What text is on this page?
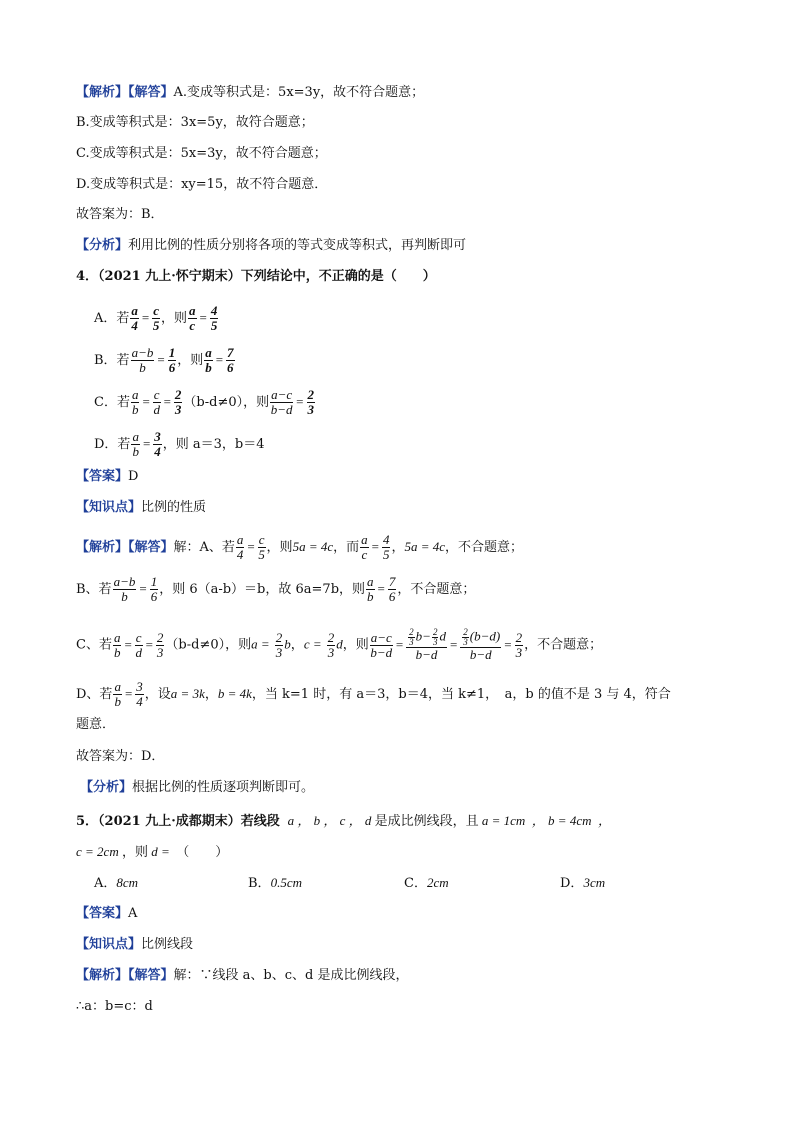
【解析】【解答】A.变成等积式是：5x=3y，故不符合题意；
B.变成等积式是：3x=5y，故符合题意；
C.变成等积式是：5x=3y，故不符合题意；
D.变成等积式是：xy=15，故不符合题意．
故答案为：B．
【分析】利用比例的性质分别将各项的等式变成等积式，再判断即可
4．（2021 九上·怀宁期末）下列结论中，不正确的是（　　）
A．若 $\frac{a}{4} = \frac{c}{5}$ ，则 $\frac{a}{c} = \frac{4}{5}$
B．若 $\frac{a-b}{b} = \frac{1}{6}$ ，则 $\frac{a}{b} = \frac{7}{6}$
C．若 $\frac{a}{b} = \frac{c}{d} = \frac{2}{3} (b-d\ne 0)$，则 $\frac{a-c}{b-d} = \frac{2}{3}$
D．若 $\frac{a}{b} = \frac{3}{4}$ ，则 a＝3，b＝4
【答案】D
【知识点】比例的性质
【解析】【解答】解：A、若 $\frac{a}{4} = \frac{c}{5}$ ，则5a = 4c，而 $\frac{a}{c} = \frac{4}{5}$ ，5a = 4c，不合题意；
B、若 $\frac{a-b}{b} = \frac{1}{6}$ ，则 6（a-b）＝b，故 6a=7b，则 $\frac{a}{b} = \frac{7}{6}$ ，不合题意；
C、若 $\frac{a}{b} = \frac{c}{d} = \frac{2}{3} (b-d\ne 0)$，则$a = \frac{2}{3}$ b，$c = \frac{2}{3}$ d，则 $\frac{a-c}{b-d} = \frac{\frac{2}{3} b- \frac{2}{3} d}{b-d} = \frac{\frac{2}{3} (b-d)}{b-d} = \frac{2}{3}$ ，不合题意；
D、若 $\frac{a}{b} = \frac{3}{4}$ ，设a = 3k，b = 4k，当 k=1 时，有 a＝3，b＝4，当 k≠1，　a，b 的值不是 3 与 4，符合
题意．
故答案为：D．
【分析】根据比例的性质逐项判断即可。
5．（2021 九上·成都期末）若线段  a ， b ， c ， d 是成比例线段，且 a = 1cm  ， b = 4cm  ，
c = 2cm ，则 d =  （　　）
A．8cm	B．0.5cm	C．2cm	D．3cm
【答案】A
【知识点】比例线段
【解析】【解答】解：∵线段 a、b、c、d 是成比例线段，
∴a：b=c：d
